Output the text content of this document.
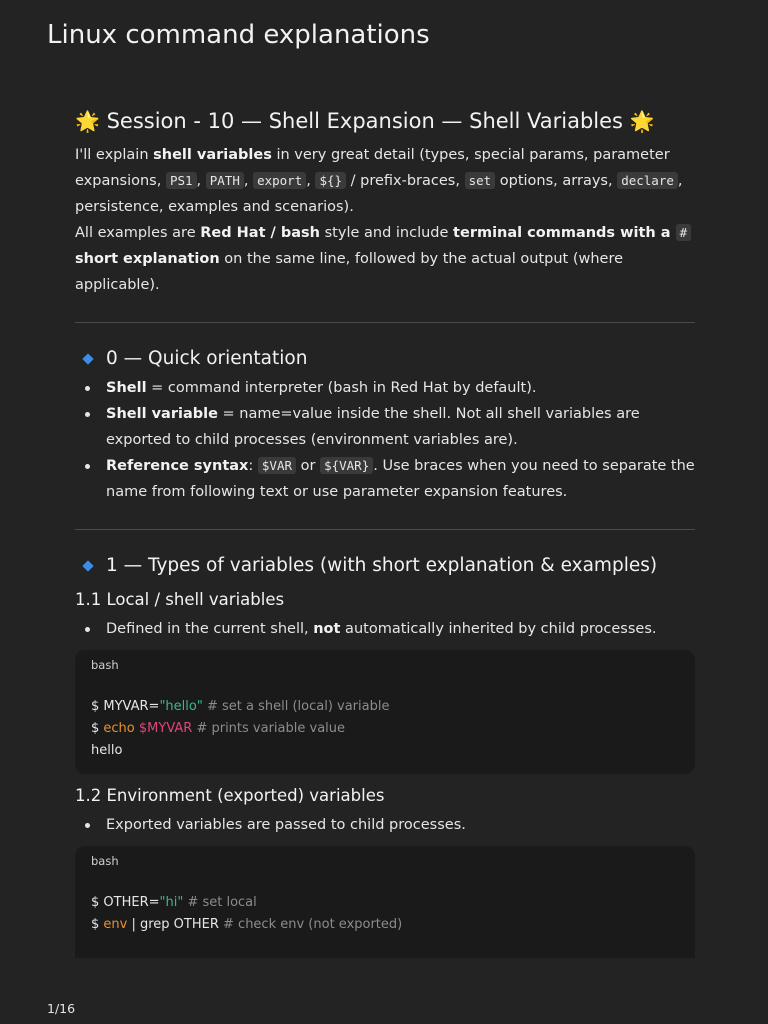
Linux command explanations
🌟 Session - 10 — Shell Expansion — Shell Variables 🌟

I'll explain shell variables in very great detail (types, special params, parameter expansions, PS1 , PATH , export , ${} / prefix-braces, set options, arrays, declare , persistence, examples and scenarios).

All examples are Red Hat / bash style and include terminal commands with a # short explanation on the same line, followed by the actual output (where applicable).

0 — Quick orientation
Shell = command interpreter (bash in Red Hat by default).
Shell variable = name=value inside the shell. Not all shell variables are exported to child processes (environment variables are).
Reference syntax: $VAR or ${VAR} . Use braces when you need to separate the name from following text or use parameter expansion features.
1 — Types of variables (with short explanation & examples)
1.1 Local / shell variables
Defined in the current shell, not automatically inherited by child processes.
bash
$ MYVAR="hello" # set a shell (local) variable
$ echo $MYVAR # prints variable value
hello
1.2 Environment (exported) variables
Exported variables are passed to child processes.
bash
$ OTHER="hi" # set local
$ env | grep OTHER # check env (not exported)
1/16
